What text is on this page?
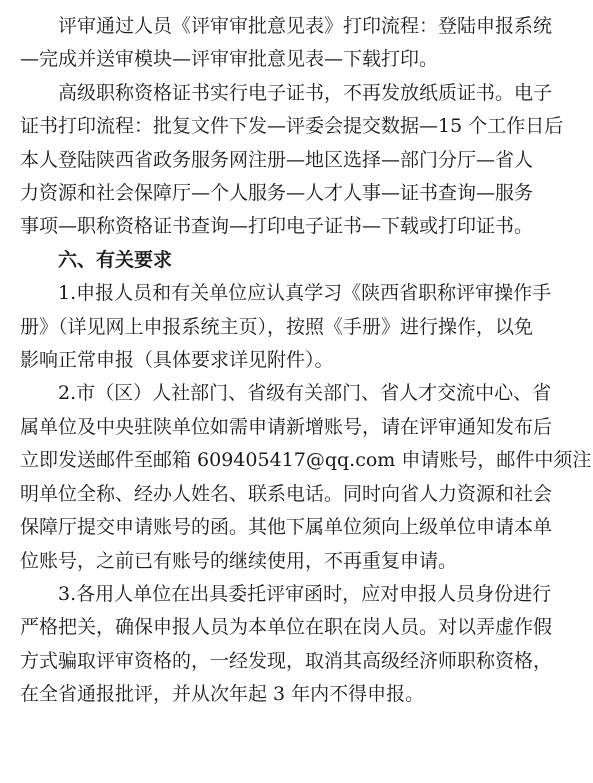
评审通过人员《评审审批意见表》打印流程：登陆申报系统
—完成并送审模块—评审审批意见表—下载打印。

高级职称资格证书实行电子证书，不再发放纸质证书。电子
证书打印流程：批复文件下发—评委会提交数据—15 个工作日后
本人登陆陕西省政务服务网注册—地区选择—部门分厅—省人
力资源和社会保障厅—个人服务—人才人事—证书查询—服务
事项—职称资格证书查询—打印电子证书—下载或打印证书。

六、有关要求

1.申报人员和有关单位应认真学习《陕西省职称评审操作手
册》（详见网上申报系统主页），按照《手册》进行操作，以免
影响正常申报（具体要求详见附件）。

2.市（区）人社部门、省级有关部门、省人才交流中心、省
属单位及中央驻陕单位如需申请新增账号，请在评审通知发布后
立即发送邮件至邮箱 609405417@qq.com 申请账号，邮件中须注
明单位全称、经办人姓名、联系电话。同时向省人力资源和社会
保障厅提交申请账号的函。其他下属单位须向上级单位申请本单
位账号，之前已有账号的继续使用，不再重复申请。

3.各用人单位在出具委托评审函时，应对申报人员身份进行
严格把关，确保申报人员为本单位在职在岗人员。对以弄虚作假
方式骗取评审资格的，一经发现，取消其高级经济师职称资格，
在全省通报批评，并从次年起 3 年内不得申报。
